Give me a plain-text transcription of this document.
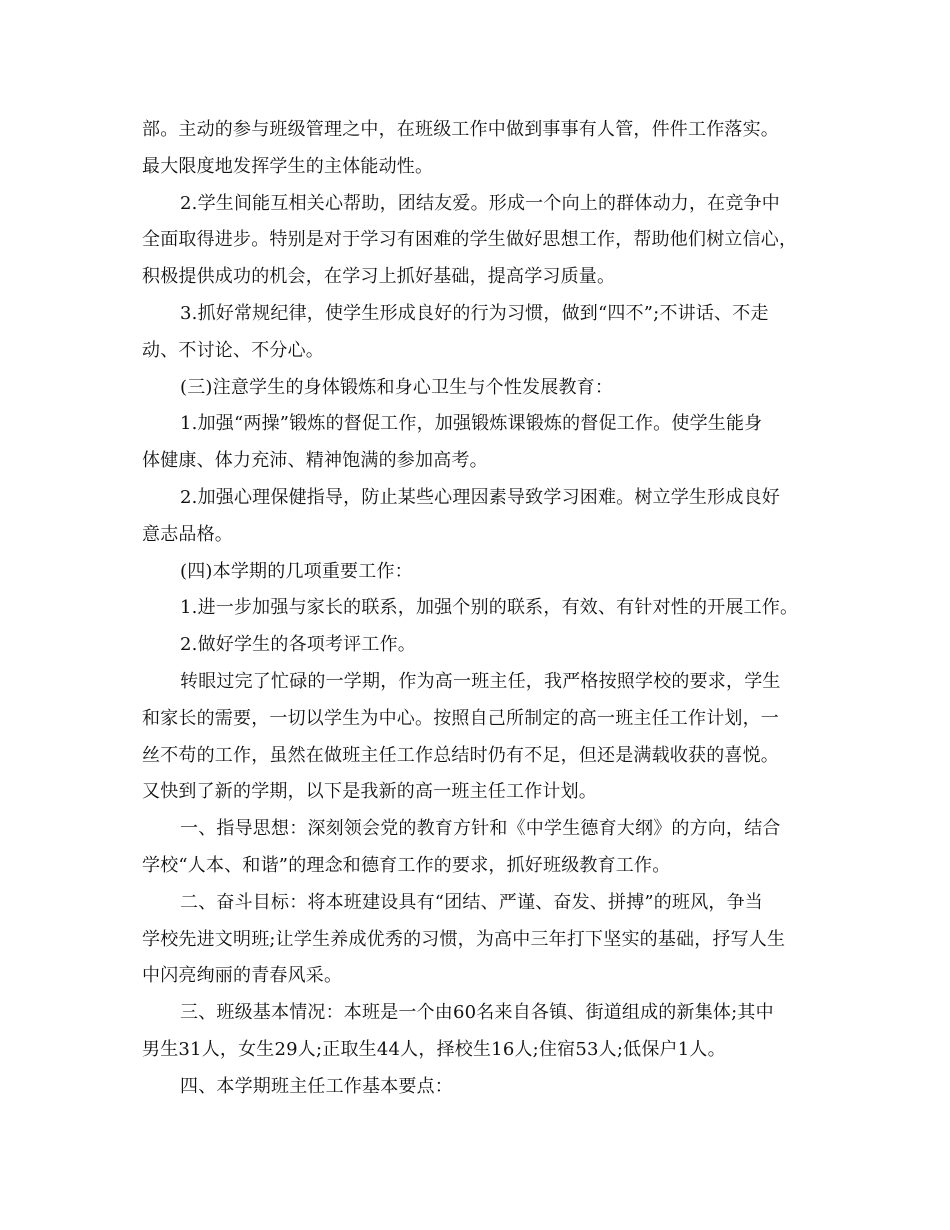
部。主动的参与班级管理之中，在班级工作中做到事事有人管，件件工作落实。
最大限度地发挥学生的主体能动性。
2.学生间能互相关心帮助，团结友爱。形成一个向上的群体动力，在竞争中
全面取得进步。特别是对于学习有困难的学生做好思想工作，帮助他们树立信心，
积极提供成功的机会，在学习上抓好基础，提高学习质量。
3.抓好常规纪律，使学生形成良好的行为习惯，做到“四不”;不讲话、不走
动、不讨论、不分心。
(三)注意学生的身体锻炼和身心卫生与个性发展教育：
1.加强“两操”锻炼的督促工作，加强锻炼课锻炼的督促工作。使学生能身
体健康、体力充沛、精神饱满的参加高考。
2.加强心理保健指导，防止某些心理因素导致学习困难。树立学生形成良好
意志品格。
(四)本学期的几项重要工作：
1.进一步加强与家长的联系，加强个别的联系，有效、有针对性的开展工作。
2.做好学生的各项考评工作。
转眼过完了忙碌的一学期，作为高一班主任，我严格按照学校的要求，学生
和家长的需要，一切以学生为中心。按照自己所制定的高一班主任工作计划，一
丝不苟的工作，虽然在做班主任工作总结时仍有不足，但还是满载收获的喜悦。
又快到了新的学期，以下是我新的高一班主任工作计划。
一、指导思想：深刻领会党的教育方针和《中学生德育大纲》的方向，结合
学校“人本、和谐”的理念和德育工作的要求，抓好班级教育工作。
二、奋斗目标：将本班建设具有“团结、严谨、奋发、拼搏”的班风，争当
学校先进文明班;让学生养成优秀的习惯，为高中三年打下坚实的基础，抒写人生
中闪亮绚丽的青春风采。
三、班级基本情况：本班是一个由60名来自各镇、街道组成的新集体;其中
男生31人，女生29人;正取生44人，择校生16人;住宿53人;低保户1人。
四、本学期班主任工作基本要点：
